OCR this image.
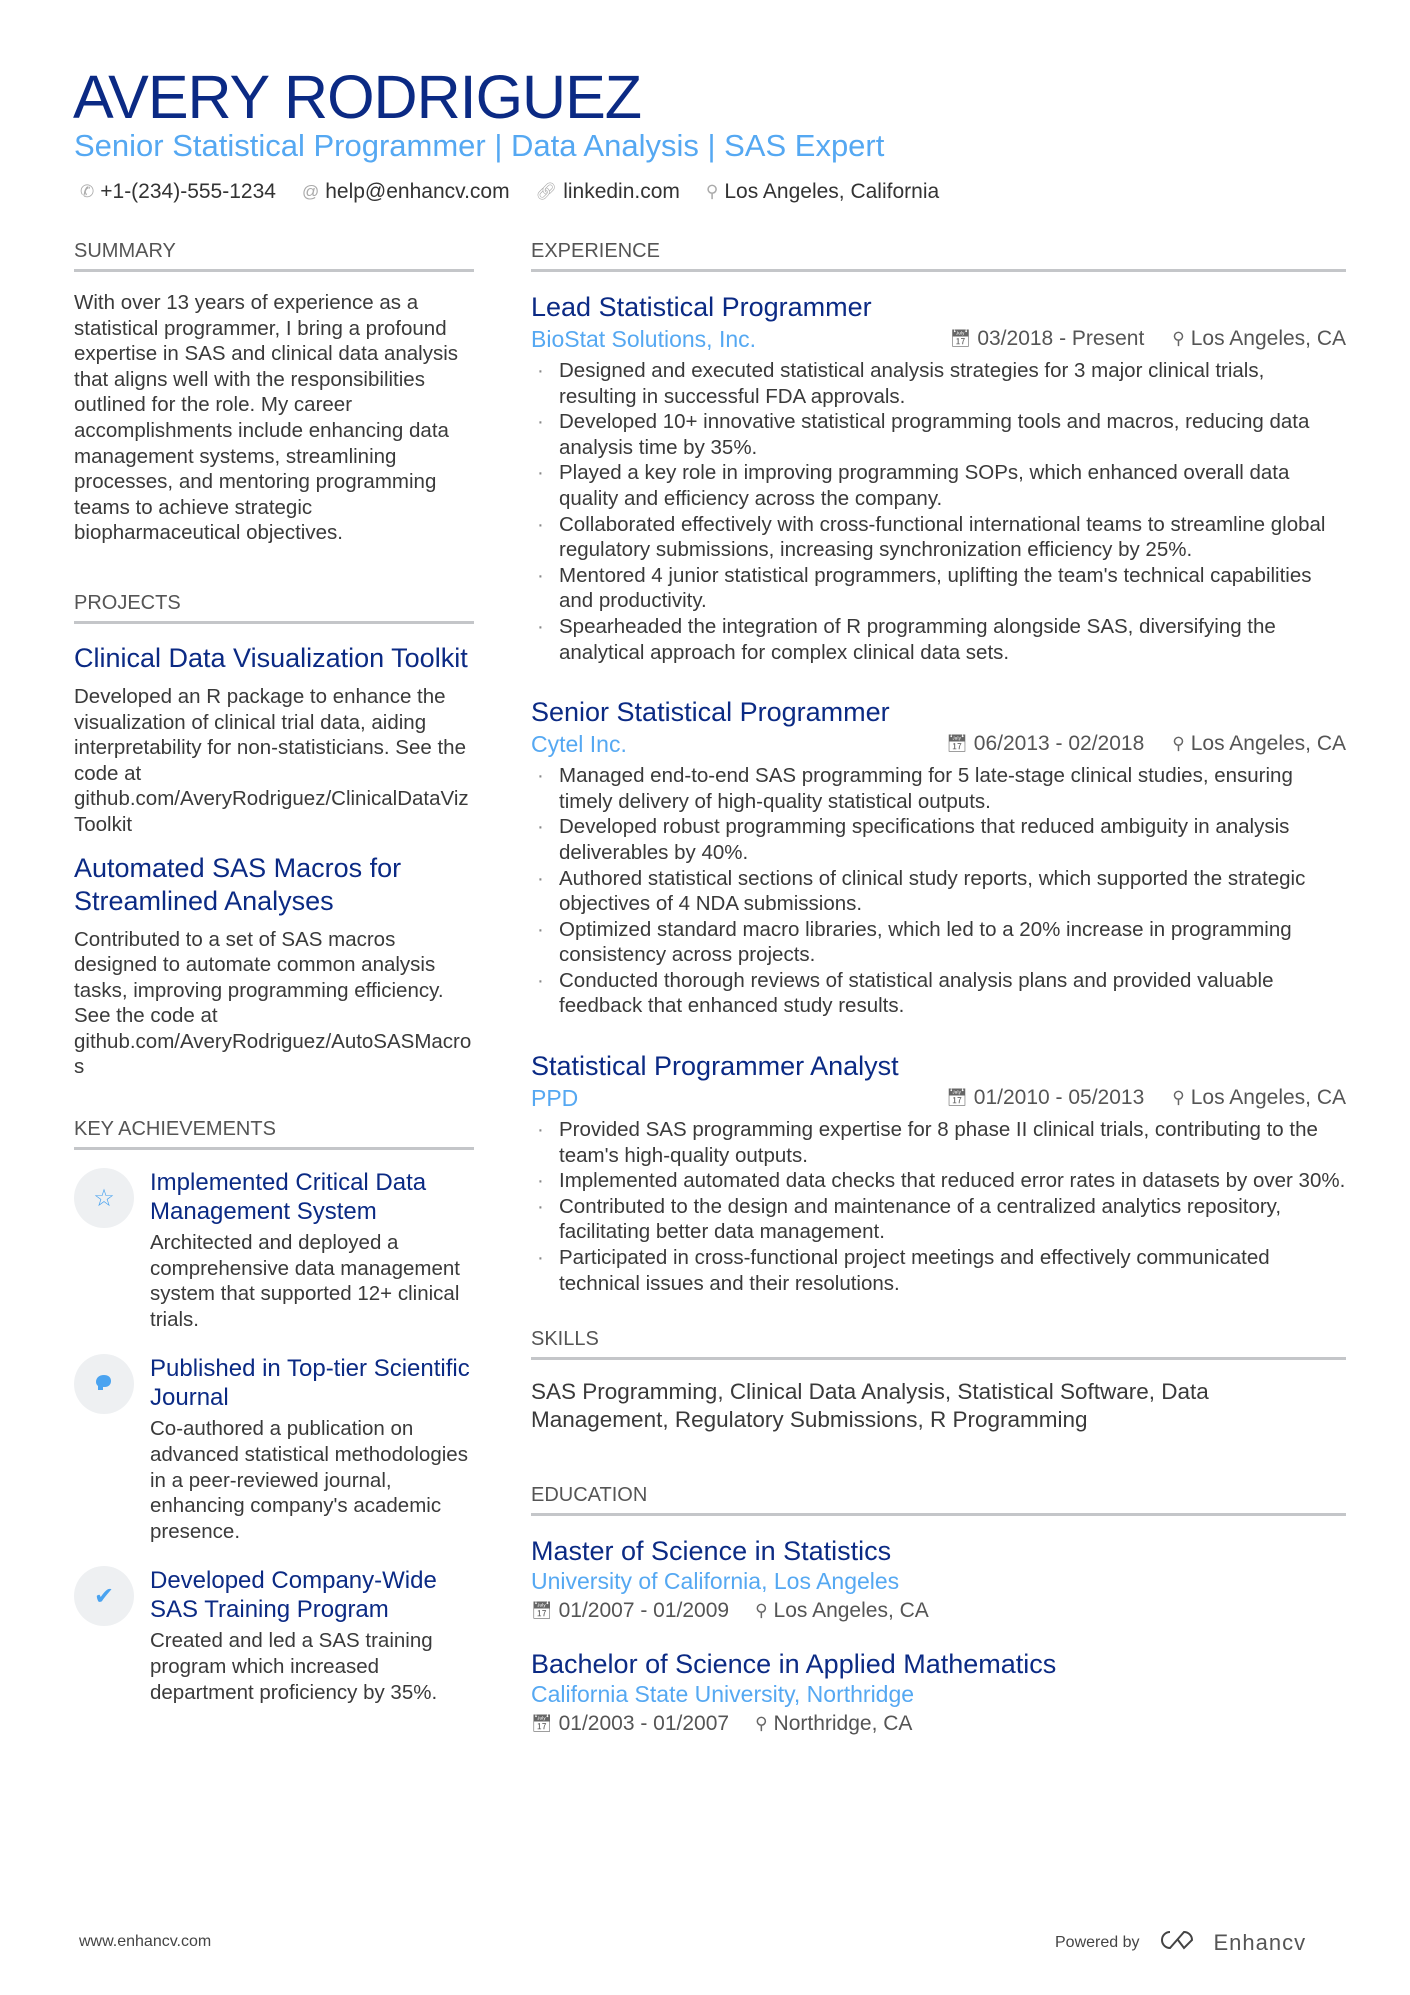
AVERY RODRIGUEZ
Senior Statistical Programmer | Data Analysis | SAS Expert
✆ +1-(234)-555-1234 @ help@enhancv.com 🔗︎ linkedin.com ⚲ Los Angeles, California
SUMMARY
With over 13 years of experience as a statistical programmer, I bring a profound expertise in SAS and clinical data analysis that aligns well with the responsibilities outlined for the role. My career accomplishments include enhancing data management systems, streamlining processes, and mentoring programming teams to achieve strategic biopharmaceutical objectives.
PROJECTS
Clinical Data Visualization Toolkit
Developed an R package to enhance the visualization of clinical trial data, aiding interpretability for non-statisticians. See the code at github.com/AveryRodriguez/ClinicalDataVizToolkit
Automated SAS Macros for Streamlined Analyses
Contributed to a set of SAS macros designed to automate common analysis tasks, improving programming efficiency. See the code at github.com/AveryRodriguez/AutoSASMacros
KEY ACHIEVEMENTS
☆
Implemented Critical Data Management System
Architected and deployed a comprehensive data management system that supported 12+ clinical trials.
Published in Top-tier Scientific Journal
Co-authored a publication on advanced statistical methodologies in a peer-reviewed journal, enhancing company's academic presence.
✔
Developed Company-Wide SAS Training Program
Created and led a SAS training program which increased department proficiency by 35%.
EXPERIENCE
Lead Statistical Programmer
BioStat Solutions, Inc.	📅︎ 03/2018 - Present ⚲ Los Angeles, CA
· Designed and executed statistical analysis strategies for 3 major clinical trials, resulting in successful FDA approvals.
· Developed 10+ innovative statistical programming tools and macros, reducing data analysis time by 35%.
· Played a key role in improving programming SOPs, which enhanced overall data quality and efficiency across the company.
· Collaborated effectively with cross-functional international teams to streamline global regulatory submissions, increasing synchronization efficiency by 25%.
· Mentored 4 junior statistical programmers, uplifting the team's technical capabilities and productivity.
· Spearheaded the integration of R programming alongside SAS, diversifying the analytical approach for complex clinical data sets.
Senior Statistical Programmer
Cytel Inc.	📅︎ 06/2013 - 02/2018 ⚲ Los Angeles, CA
· Managed end-to-end SAS programming for 5 late-stage clinical studies, ensuring timely delivery of high-quality statistical outputs.
· Developed robust programming specifications that reduced ambiguity in analysis deliverables by 40%.
· Authored statistical sections of clinical study reports, which supported the strategic objectives of 4 NDA submissions.
· Optimized standard macro libraries, which led to a 20% increase in programming consistency across projects.
· Conducted thorough reviews of statistical analysis plans and provided valuable feedback that enhanced study results.
Statistical Programmer Analyst
PPD	📅︎ 01/2010 - 05/2013 ⚲ Los Angeles, CA
· Provided SAS programming expertise for 8 phase II clinical trials, contributing to the team's high-quality outputs.
· Implemented automated data checks that reduced error rates in datasets by over 30%.
· Contributed to the design and maintenance of a centralized analytics repository, facilitating better data management.
· Participated in cross-functional project meetings and effectively communicated technical issues and their resolutions.
SKILLS
SAS Programming, Clinical Data Analysis, Statistical Software, Data Management, Regulatory Submissions, R Programming
EDUCATION
Master of Science in Statistics
University of California, Los Angeles
📅︎ 01/2007 - 01/2009 ⚲ Los Angeles, CA
Bachelor of Science in Applied Mathematics
California State University, Northridge
📅︎ 01/2003 - 01/2007 ⚲ Northridge, CA
www.enhancv.com	Powered by	Enhancv
